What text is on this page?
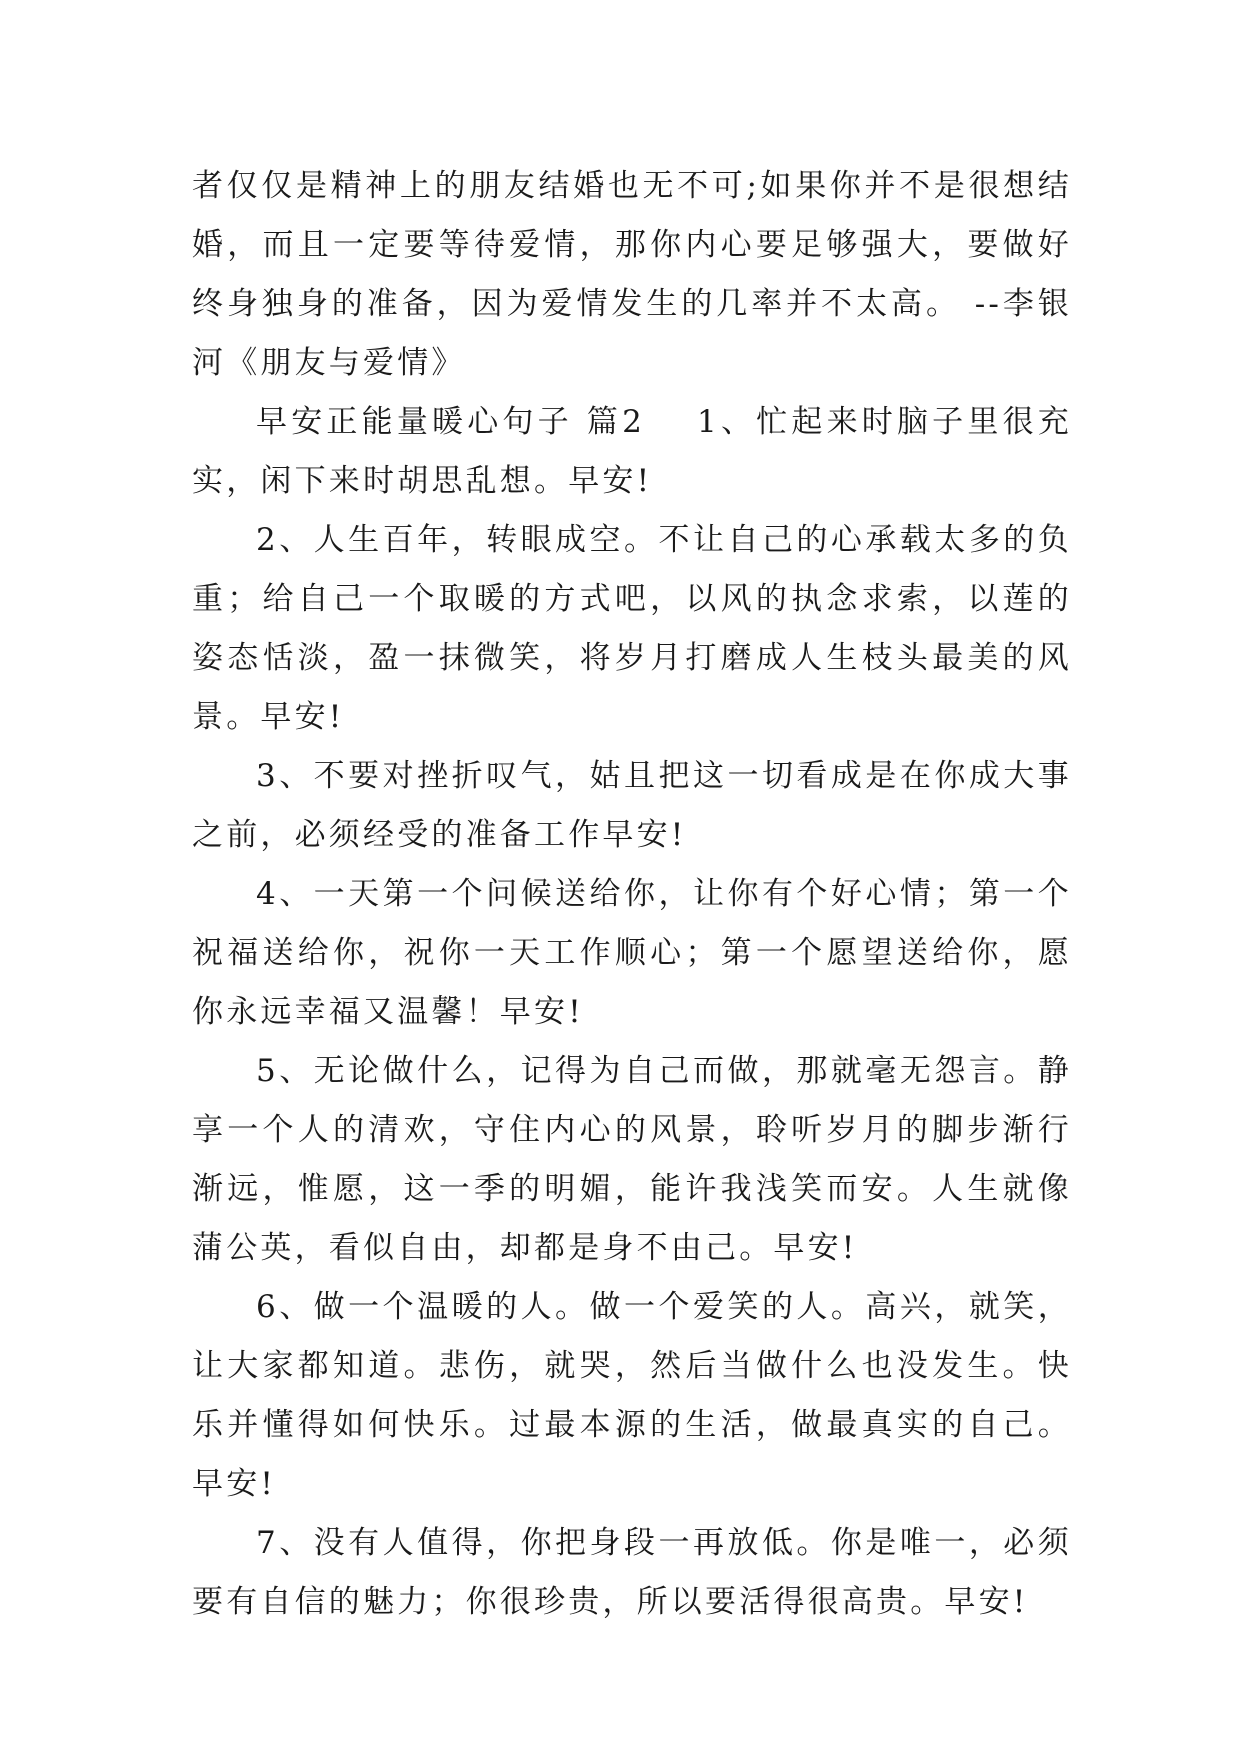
者仅仅是精神上的朋友结婚也无不可;如果你并不是很想结婚，而且一定要等待爱情，那你内心要足够强大，要做好终身独身的准备，因为爱情发生的几率并不太高。 --李银河《朋友与爱情》

早安正能量暖心句子 篇2 1、忙起来时脑子里很充实，闲下来时胡思乱想。早安!

2、人生百年，转眼成空。不让自己的心承载太多的负重；给自己一个取暖的方式吧，以风的执念求索，以莲的姿态恬淡，盈一抹微笑，将岁月打磨成人生枝头最美的风景。早安!

3、不要对挫折叹气，姑且把这一切看成是在你成大事之前，必须经受的准备工作早安!

4、一天第一个问候送给你，让你有个好心情；第一个祝福送给你，祝你一天工作顺心；第一个愿望送给你，愿你永远幸福又温馨！早安!

5、无论做什么，记得为自己而做，那就毫无怨言。静享一个人的清欢，守住内心的风景，聆听岁月的脚步渐行渐远，惟愿，这一季的明媚，能许我浅笑而安。人生就像蒲公英，看似自由，却都是身不由己。早安!

6、做一个温暖的人。做一个爱笑的人。高兴，就笑，让大家都知道。悲伤，就哭，然后当做什么也没发生。快乐并懂得如何快乐。过最本源的生活，做最真实的自己。早安!

7、没有人值得，你把身段一再放低。你是唯一，必须要有自信的魅力；你很珍贵，所以要活得很高贵。早安!
